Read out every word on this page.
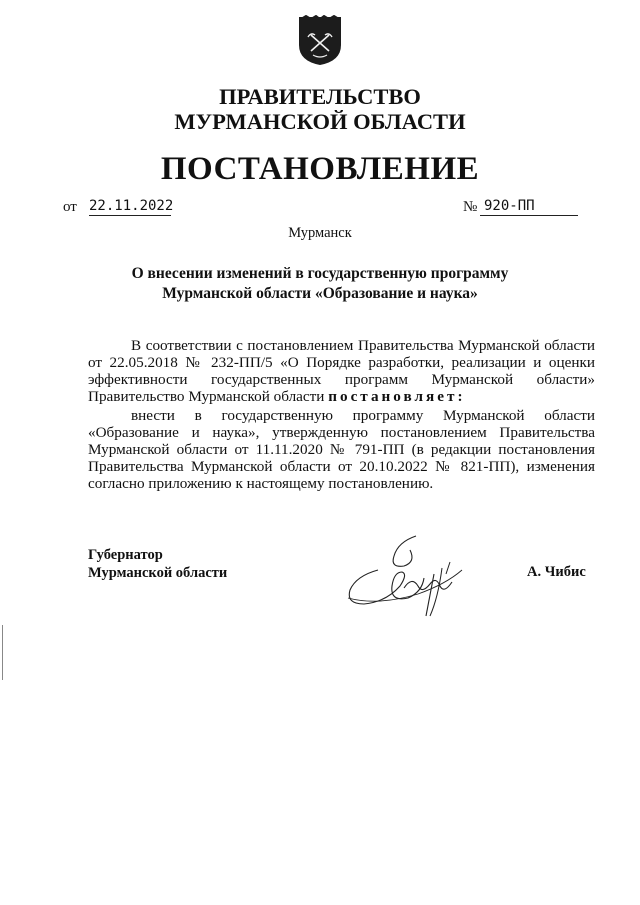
ПРАВИТЕЛЬСТВО
МУРМАНСКОЙ ОБЛАСТИ
ПОСТАНОВЛЕНИЕ
от 22.11.2022	№ 920-ПП
Мурманск
О внесении изменений в государственную программу
Мурманской области «Образование и наука»
В соответствии с постановлением Правительства Мурманской области
от 22.05.2018 № 232-ПП/5 «О Порядке разработки, реализации и оценки
эффективности государственных программ Мурманской области»
Правительство Мурманской области постановляет:
внести в государственную программу Мурманской области
«Образование и наука», утвержденную постановлением Правительства
Мурманской области от 11.11.2020 № 791-ПП (в редакции постановления
Правительства Мурманской области от 20.10.2022 № 821-ПП), изменения
согласно приложению к настоящему постановлению.
Губернатор
Мурманской области	А. Чибис
